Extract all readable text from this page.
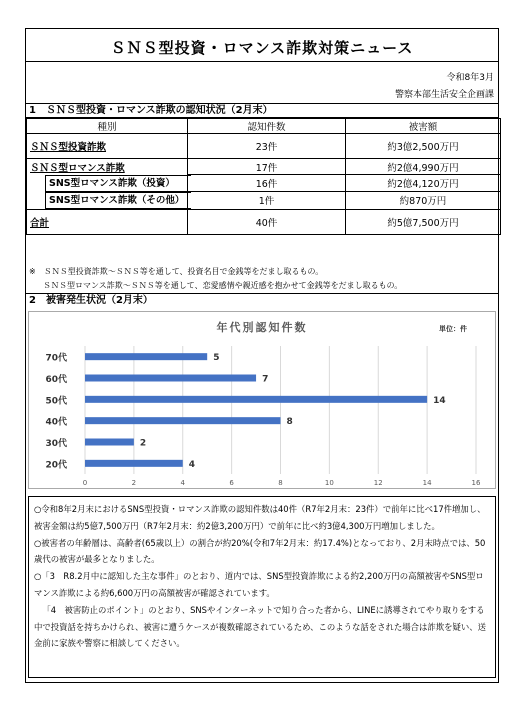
ＳＮＳ型投資・ロマンス詐欺対策ニュース
令和8年3月
警察本部生活安全企画課
1　ＳＮＳ型投資・ロマンス詐欺の認知状況（2月末）
種別	認知件数	被害額
ＳＮＳ型投資詐欺	23件	約3億2,500万円
ＳＮＳ型ロマンス詐欺	17件	約2億4,990万円

SNS型ロマンス詐欺（投資）	16件	約2億4,120万円

SNS型ロマンス詐欺（その他）	1件	約870万円
合計	40件	約5億7,500万円
※　ＳＮＳ型投資詐欺～ＳＮＳ等を通して、投資名目で金銭等をだまし取るもの。
ＳＮＳ型ロマンス詐欺～ＳＮＳ等を通して、恋愛感情や親近感を抱かせて金銭等をだまし取るもの。
2　被害発生状況（2月末）
年代別認知件数	単位：件
5
7
14
8
2
4
70代
60代
50代
40代
30代
20代
0	2	4	6	8	10	12	14	16

○令和8年2月末におけるSNS型投資・ロマンス詐欺の認知件数は40件（R7年2月末：23件）で前年に比べ17件増加し、被害金額は約5億7,500万円（R7年2月末：約2億3,200万円）で前年に比べ約3億4,300万円増加しました。

○被害者の年齢層は、高齢者(65歳以上）の割合が約20%(令和7年2月末：約17.4%)となっており、2月末時点では、50歳代の被害が最多となりました。

○「3　R8.2月中に認知した主な事件」のとおり、道内では、SNS型投資詐欺による約2,200万円の高額被害やSNS型ロマンス詐欺による約6,600万円の高額被害が確認されています。

「4　被害防止のポイント」のとおり、SNSやインターネットで知り合った者から、LINEに誘導されてやり取りをする中で投資話を持ちかけられ、被害に遭うケースが複数確認されているため、このような話をされた場合は詐欺を疑い、送金前に家族や警察に相談してください。
